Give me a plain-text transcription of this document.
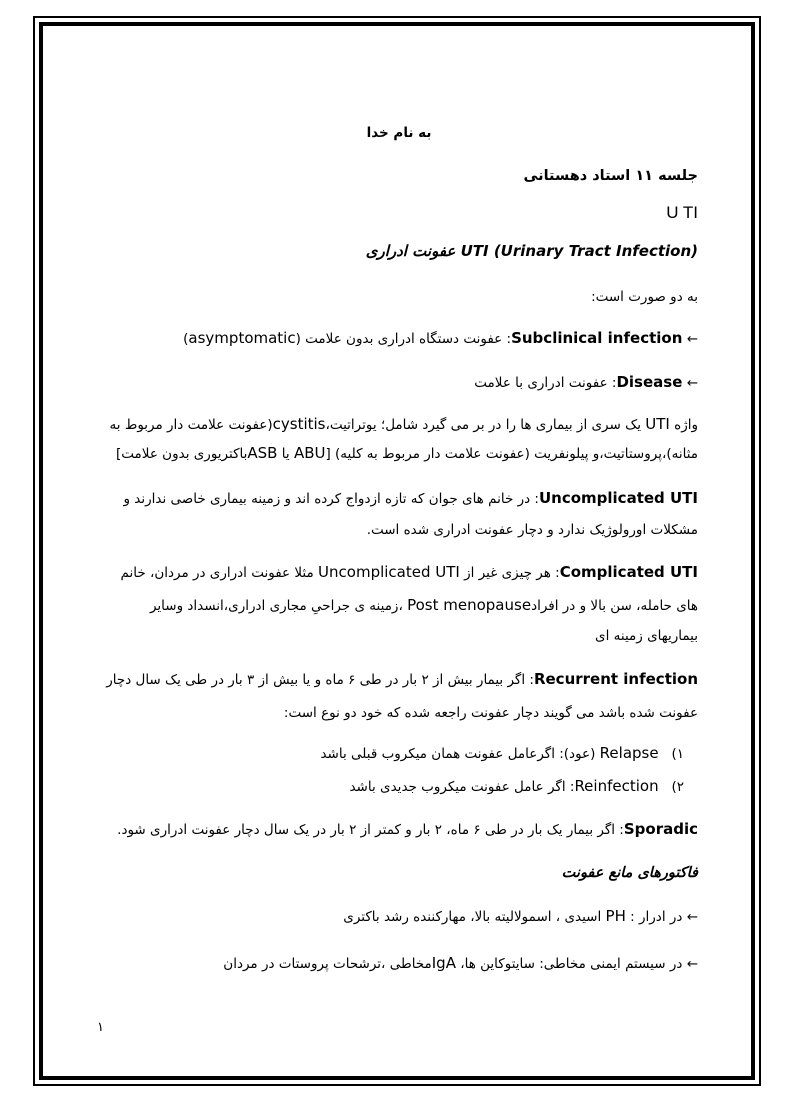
به نام خدا
جلسه ۱۱ استاد دهستانی
U TI
UTI (Urinary Tract Infection) عفونت ادراری
به دو صورت است:
← Subclinical infection: عفونت دستگاه ادراری بدون علامت (asymptomatic)
← Disease: عفونت ادراری با علامت
واژه UTI یک سری از بیماری ها را در بر می گیرد شامل؛ یوتراتیت،cystitis(عفونت علامت دار مربوط به
مثانه)،پروستاتیت،و پیلونفریت (عفونت علامت دار مربوط به کلیه) [ABU یا ASBباکتریوری بدون علامت]
Uncomplicated UTI: در خانم های جوان که تازه ازدواج کرده اند و زمینه بیماری خاصی ندارند و
مشکلات اورولوژیک ندارد و دچار عفونت ادراری شده است.
Complicated UTI: هر چیزی غیر از Uncomplicated UTI مثلا عفونت ادراری در مردان، خانم
های حامله، سن بالا و در افرادPost menopause ،زمینه ی جراحیِ مجاری ادراری،انسداد وسایر
بیماریهای زمینه ای
Recurrent infection: اگر بیمار بیش از ۲ بار در طی ۶ ماه و یا بیش از ۳ بار در طی یک سال دچار
عفونت شده باشد می گویند دچار عفونت راجعه شده که خود دو نوع است:
۱)   Relapse (عود): اگرعامل عفونت همان میکروب قبلی باشد
۲)   Reinfection: اگر عامل عفونت میکروب جدیدی باشد
Sporadic: اگر بیمار یک بار در طی ۶ ماه، ۲ بار و کمتر از ۲ بار در یک سال دچار عفونت ادراری شود.
فاکتورهای مانع عفونت
← در ادرار : PH اسیدی ، اسمولالیته بالا، مهارکننده رشد باکتری
← در سیستم ایمنی مخاطی: سایتوکاین ها، IgAمخاطی ،ترشحات پروستات در مردان
۱
